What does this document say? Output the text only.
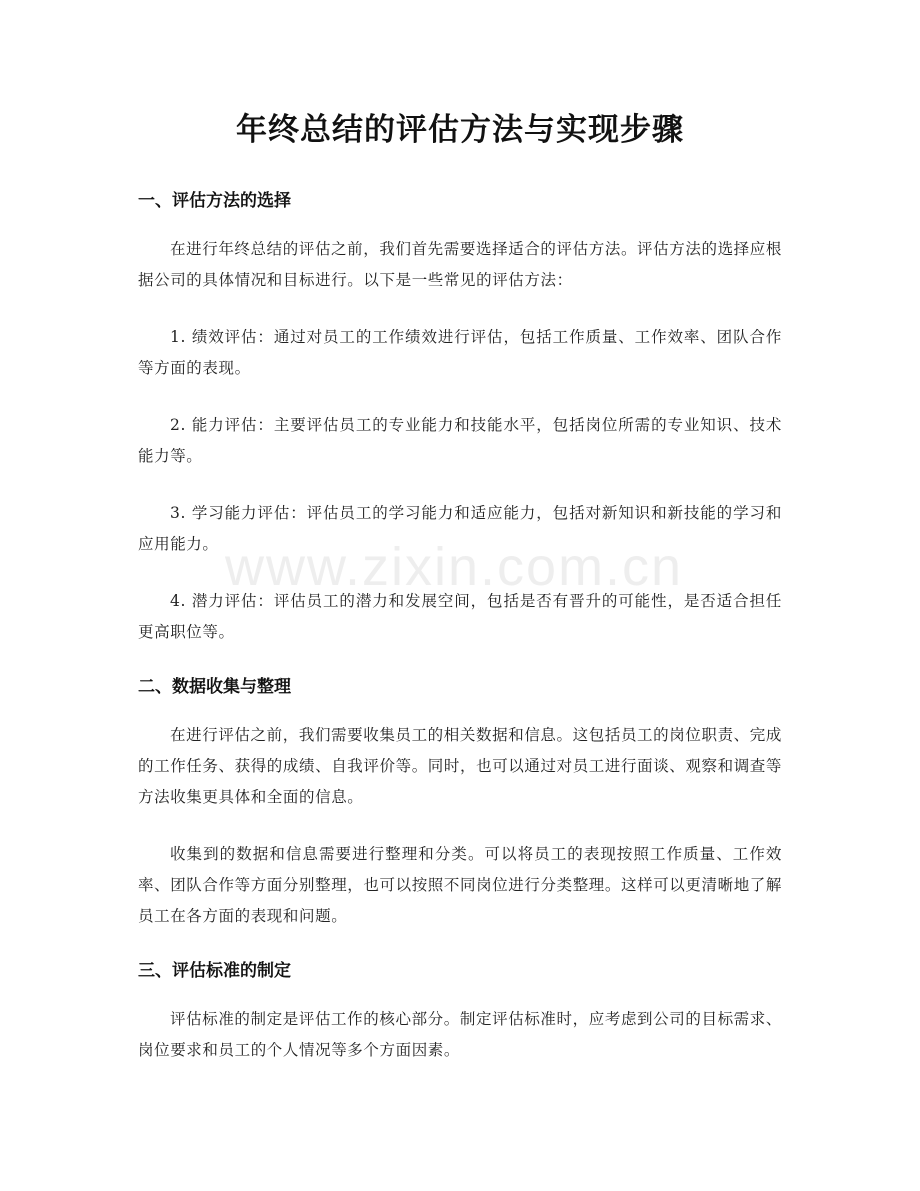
www.zixin.com.cn
年终总结的评估方法与实现步骤
一、评估方法的选择

在进行年终总结的评估之前，我们首先需要选择适合的评估方法。评估方法的选择应根据公司的具体情况和目标进行。以下是一些常见的评估方法：

1. 绩效评估：通过对员工的工作绩效进行评估，包括工作质量、工作效率、团队合作等方面的表现。

2. 能力评估：主要评估员工的专业能力和技能水平，包括岗位所需的专业知识、技术能力等。

3. 学习能力评估：评估员工的学习能力和适应能力，包括对新知识和新技能的学习和应用能力。

4. 潜力评估：评估员工的潜力和发展空间，包括是否有晋升的可能性，是否适合担任更高职位等。

二、数据收集与整理

在进行评估之前，我们需要收集员工的相关数据和信息。这包括员工的岗位职责、完成的工作任务、获得的成绩、自我评价等。同时，也可以通过对员工进行面谈、观察和调查等方法收集更具体和全面的信息。

收集到的数据和信息需要进行整理和分类。可以将员工的表现按照工作质量、工作效率、团队合作等方面分别整理，也可以按照不同岗位进行分类整理。这样可以更清晰地了解员工在各方面的表现和问题。

三、评估标准的制定

评估标准的制定是评估工作的核心部分。制定评估标准时，应考虑到公司的目标需求、岗位要求和员工的个人情况等多个方面因素。
